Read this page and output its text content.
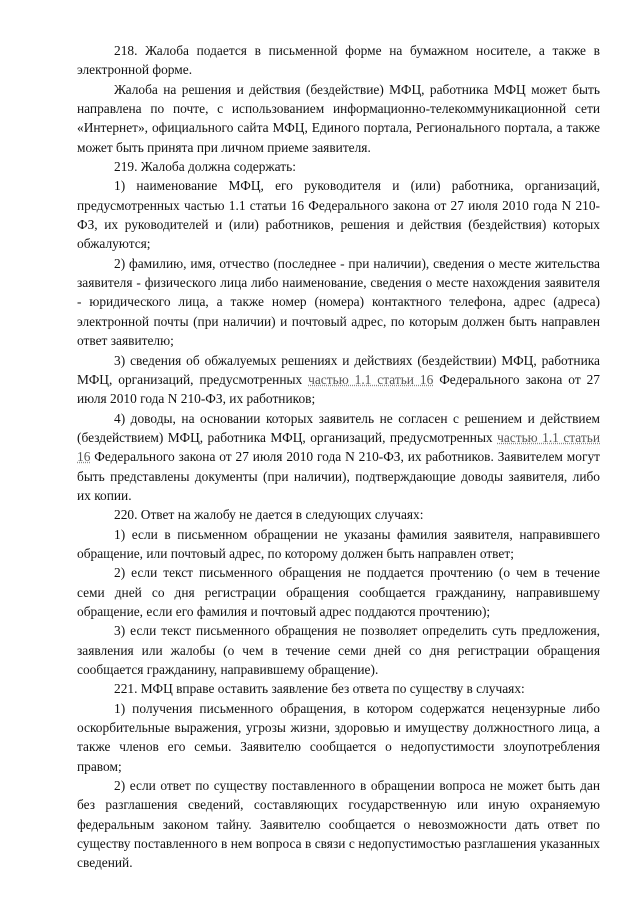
218. Жалоба подается в письменной форме на бумажном носителе, а также в электронной форме.

Жалоба на решения и действия (бездействие) МФЦ, работника МФЦ может быть направлена по почте, с использованием информационно-телекоммуникационной сети «Интернет», официального сайта МФЦ, Единого портала, Регионального портала, а также может быть принята при личном приеме заявителя.

219. Жалоба должна содержать:

1) наименование МФЦ, его руководителя и (или) работника, организаций, предусмотренных частью 1.1 статьи 16 Федерального закона от 27 июля 2010 года N 210-ФЗ, их руководителей и (или) работников, решения и действия (бездействия) которых обжалуются;

2) фамилию, имя, отчество (последнее - при наличии), сведения о месте жительства заявителя - физического лица либо наименование, сведения о месте нахождения заявителя - юридического лица, а также номер (номера) контактного телефона, адрес (адреса) электронной почты (при наличии) и почтовый адрес, по которым должен быть направлен ответ заявителю;

3) сведения об обжалуемых решениях и действиях (бездействии) МФЦ, работника МФЦ, организаций, предусмотренных частью 1.1 статьи 16 Федерального закона от 27 июля 2010 года N 210-ФЗ, их работников;

4) доводы, на основании которых заявитель не согласен с решением и действием (бездействием) МФЦ, работника МФЦ, организаций, предусмотренных частью 1.1 статьи 16 Федерального закона от 27 июля 2010 года N 210-ФЗ, их работников. Заявителем могут быть представлены документы (при наличии), подтверждающие доводы заявителя, либо их копии.

220. Ответ на жалобу не дается в следующих случаях:

1) если в письменном обращении не указаны фамилия заявителя, направившего обращение, или почтовый адрес, по которому должен быть направлен ответ;

2) если текст письменного обращения не поддается прочтению (о чем в течение семи дней со дня регистрации обращения сообщается гражданину, направившему обращение, если его фамилия и почтовый адрес поддаются прочтению);

3) если текст письменного обращения не позволяет определить суть предложения, заявления или жалобы (о чем в течение семи дней со дня регистрации обращения сообщается гражданину, направившему обращение).

221. МФЦ вправе оставить заявление без ответа по существу в случаях:

1) получения письменного обращения, в котором содержатся нецензурные либо оскорбительные выражения, угрозы жизни, здоровью и имуществу должностного лица, а также членов его семьи. Заявителю сообщается о недопустимости злоупотребления правом;

2) если ответ по существу поставленного в обращении вопроса не может быть дан без разглашения сведений, составляющих государственную или иную охраняемую федеральным законом тайну. Заявителю сообщается о невозможности дать ответ по существу поставленного в нем вопроса в связи с недопустимостью разглашения указанных сведений.
